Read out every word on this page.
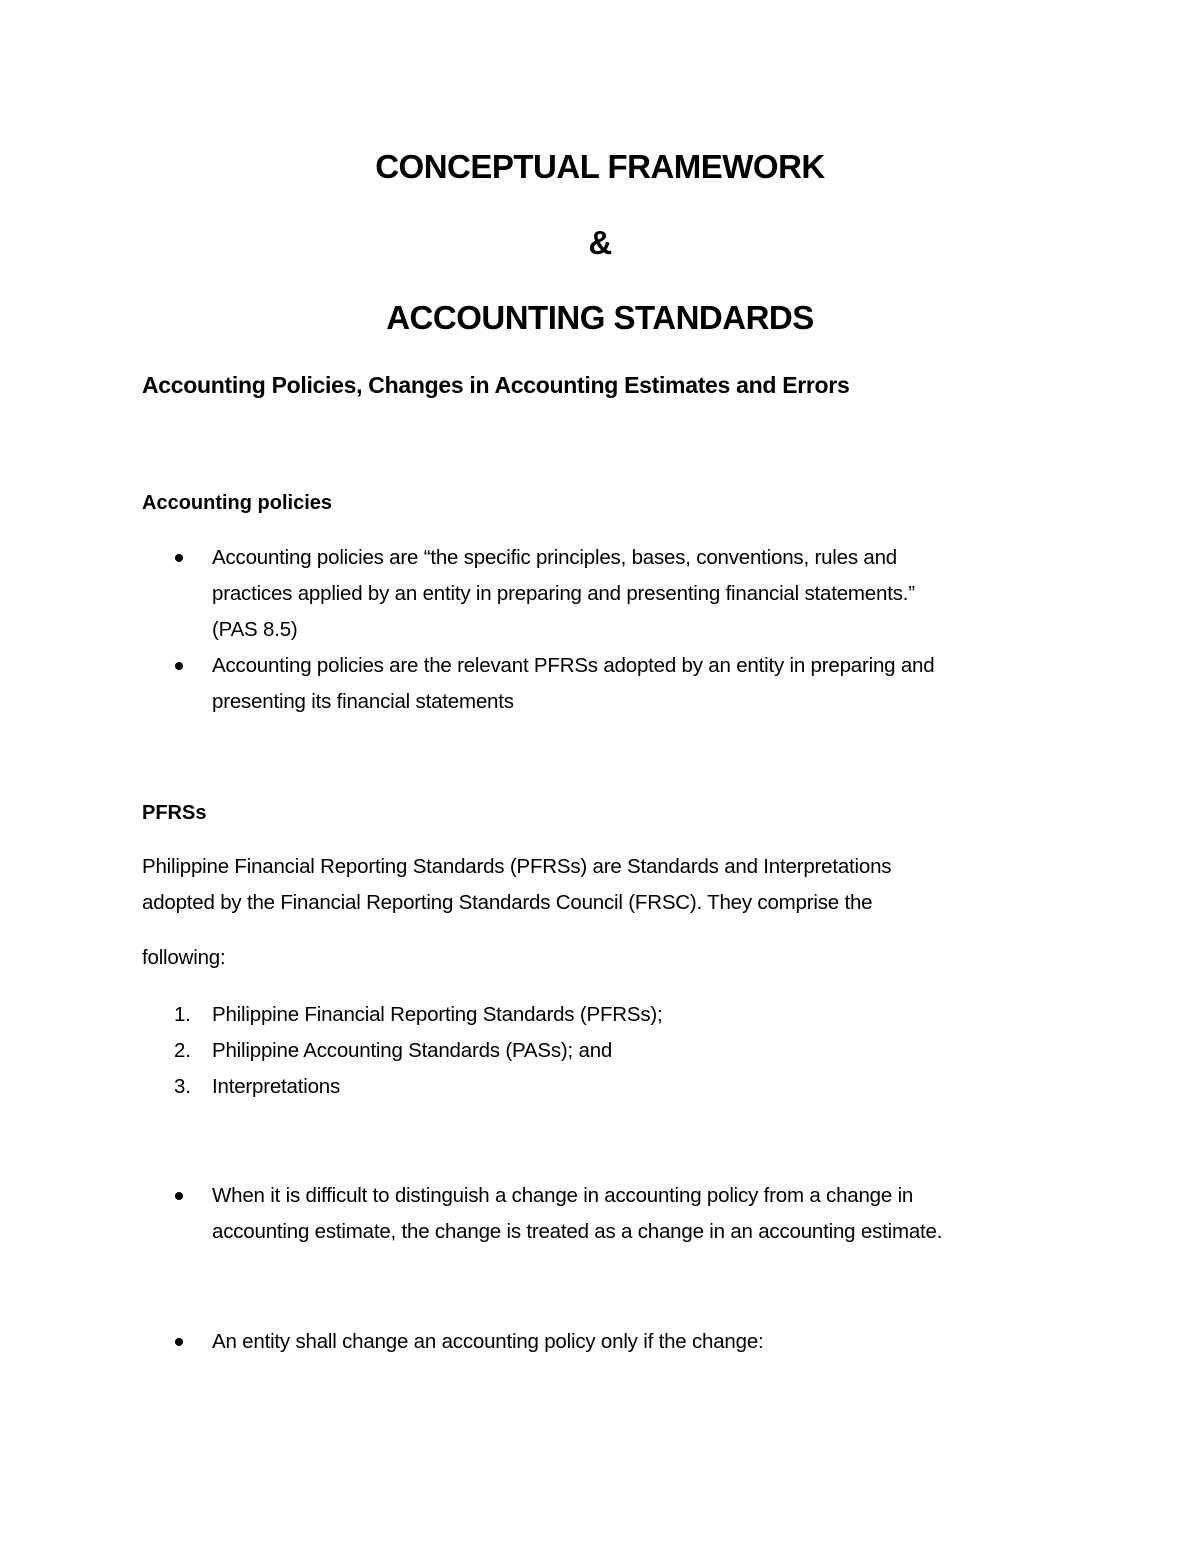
CONCEPTUAL FRAMEWORK
&
ACCOUNTING STANDARDS
Accounting Policies, Changes in Accounting Estimates and Errors
Accounting policies
Accounting policies are “the specific principles, bases, conventions, rules and
practices applied by an entity in preparing and presenting financial statements.”
(PAS 8.5)
Accounting policies are the relevant PFRSs adopted by an entity in preparing and
presenting its financial statements
PFRSs
Philippine Financial Reporting Standards (PFRSs) are Standards and Interpretations
adopted by the Financial Reporting Standards Council (FRSC). They comprise the
following:
1. Philippine Financial Reporting Standards (PFRSs);
2. Philippine Accounting Standards (PASs); and
3. Interpretations
When it is difficult to distinguish a change in accounting policy from a change in
accounting estimate, the change is treated as a change in an accounting estimate.
An entity shall change an accounting policy only if the change:
